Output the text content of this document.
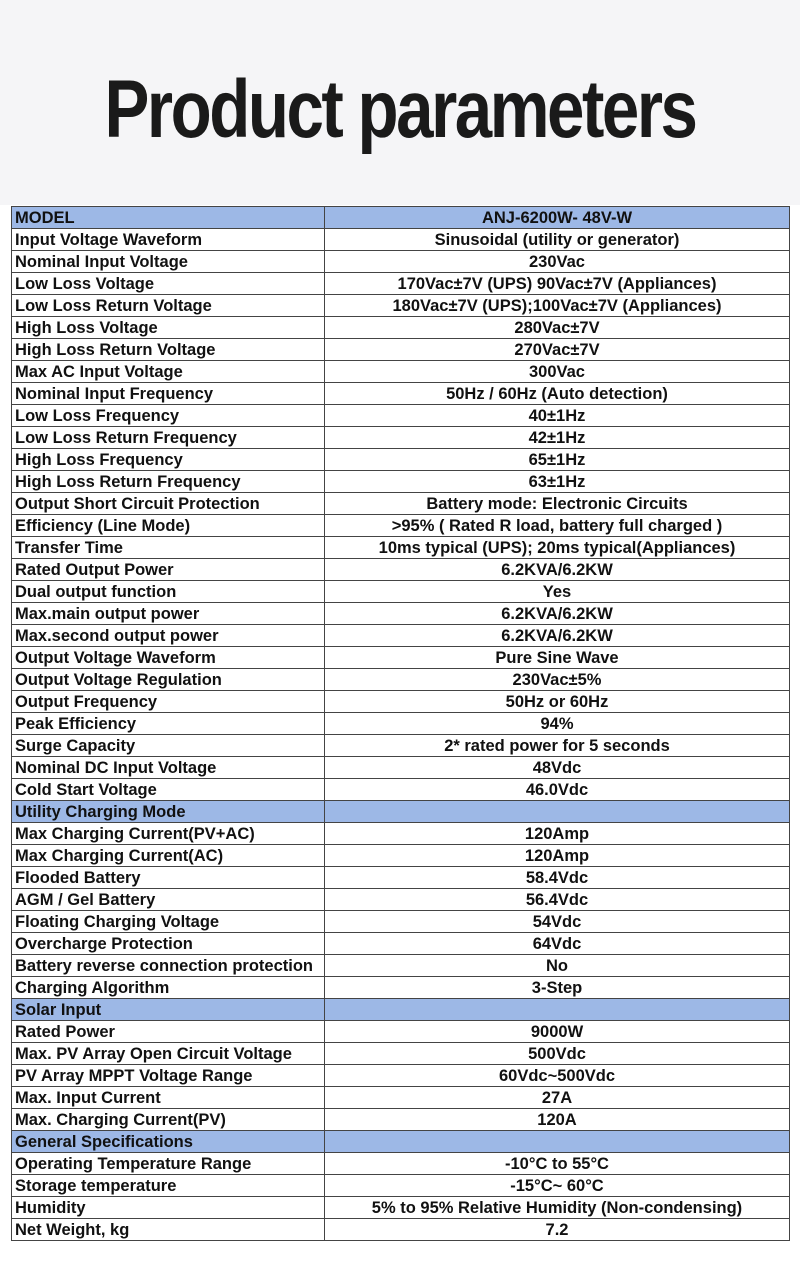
Product parameters
MODEL	ANJ-6200W- 48V-W
Input Voltage Waveform	Sinusoidal (utility or generator)
Nominal Input Voltage	230Vac
Low Loss Voltage	170Vac±7V (UPS) 90Vac±7V (Appliances)
Low Loss Return Voltage	180Vac±7V (UPS);100Vac±7V (Appliances)
High Loss Voltage	280Vac±7V
High Loss Return Voltage	270Vac±7V
Max AC Input Voltage	300Vac
Nominal Input Frequency	50Hz / 60Hz (Auto detection)
Low Loss Frequency	40±1Hz
Low Loss Return Frequency	42±1Hz
High Loss Frequency	65±1Hz
High Loss Return Frequency	63±1Hz
Output Short Circuit Protection	Battery mode: Electronic Circuits
Efficiency (Line Mode)	>95% ( Rated R load, battery full charged )
Transfer Time	10ms typical (UPS); 20ms typical(Appliances)
Rated Output Power	6.2KVA/6.2KW
Dual output function	Yes
Max.main output power	6.2KVA/6.2KW
Max.second output power	6.2KVA/6.2KW
Output Voltage Waveform	Pure Sine Wave
Output Voltage Regulation	230Vac±5%
Output Frequency	50Hz or 60Hz
Peak Efficiency	94%
Surge Capacity	2* rated power for 5 seconds
Nominal DC Input Voltage	48Vdc
Cold Start Voltage	46.0Vdc
Utility Charging Mode	
Max Charging Current(PV+AC)	120Amp
Max Charging Current(AC)	120Amp
Flooded Battery	58.4Vdc
AGM / Gel Battery	56.4Vdc
Floating Charging Voltage	54Vdc
Overcharge Protection	64Vdc
Battery reverse connection protection	No
Charging Algorithm	3-Step
Solar Input	
Rated Power	9000W
Max. PV Array Open Circuit Voltage	500Vdc
PV Array MPPT Voltage Range	60Vdc~500Vdc
Max. Input Current	27A
Max. Charging Current(PV)	120A
General Specifications	
Operating Temperature Range	-10°C to 55°C
Storage temperature	-15°C~ 60°C
Humidity	5% to 95% Relative Humidity (Non-condensing)
Net Weight, kg	7.2
